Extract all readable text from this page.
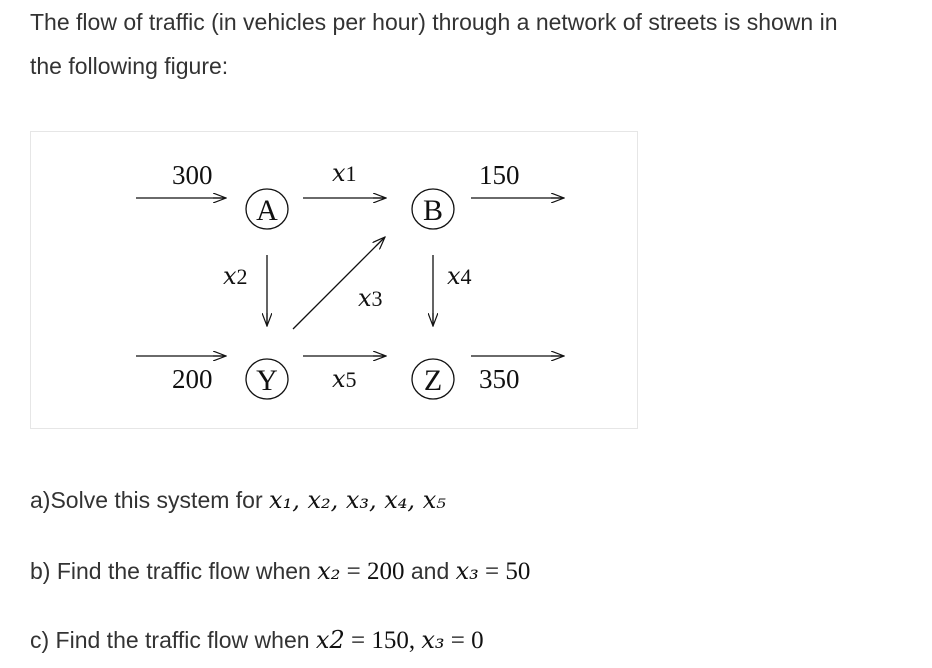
The flow of traffic (in vehicles per hour) through a network of streets is shown in
the following figure:

A	B
Y	Z
300	150
200	350
x1
x2
x3
x4
x5

a)Solve this system for x₁, x₂, x₃, x₄, x₅

b) Find the traffic flow when x₂ = 200 and x₃ = 50

c) Find the traffic flow when x2 = 150, x₃ = 0
